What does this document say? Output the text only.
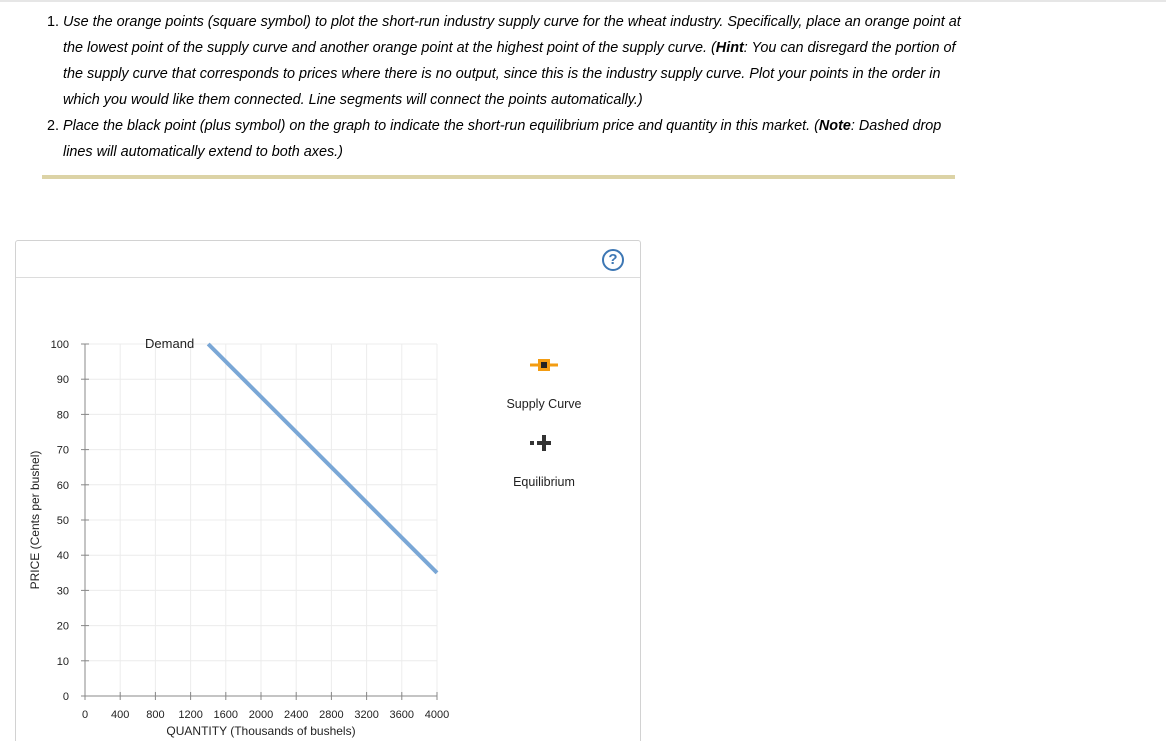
1. Use the orange points (square symbol) to plot the short-run industry supply curve for the wheat industry. Specifically, place an orange point at the lowest point of the supply curve and another orange point at the highest point of the supply curve. (Hint: You can disregard the portion of the supply curve that corresponds to prices where there is no output, since this is the industry supply curve. Plot your points in the order in which you would like them connected. Line segments will connect the points automatically.)
2. Place the black point (plus symbol) on the graph to indicate the short-run equilibrium price and quantity in this market. (Note: Dashed drop lines will automatically extend to both axes.)
?
0
10
20
30
40
50
60
70
80
90
100
0 400 800 1200 1600 2000 2400 2800 3200 3600 4000
PRICE (Cents per bushel)
QUANTITY (Thousands of bushels)
Demand
Supply Curve
Equilibrium
